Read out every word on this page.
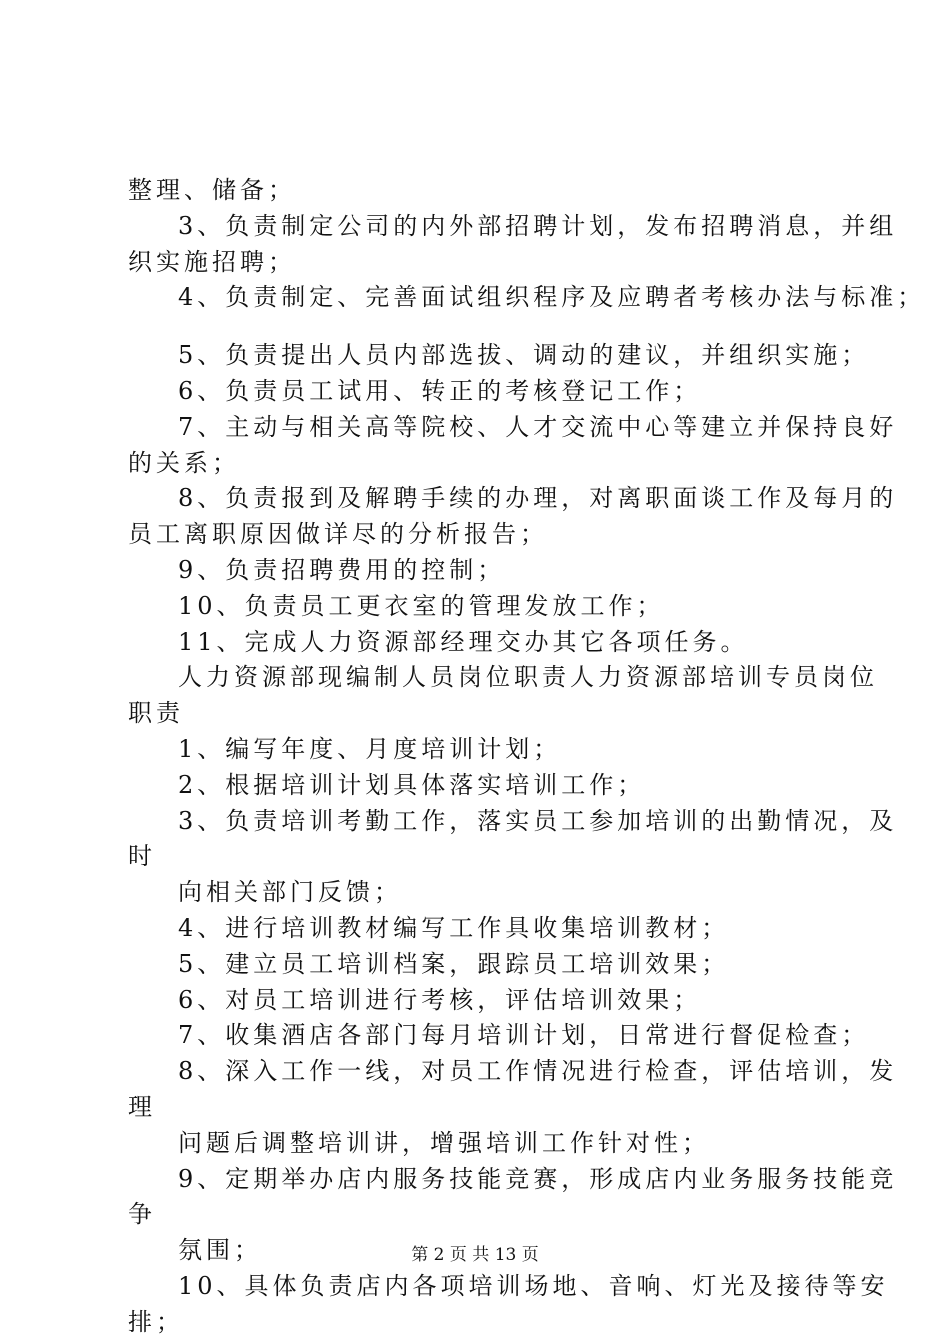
整理、储备；
3、负责制定公司的内外部招聘计划，发布招聘消息，并组
织实施招聘；
4、负责制定、完善面试组织程序及应聘者考核办法与标准；
5、负责提出人员内部选拔、调动的建议，并组织实施；
6、负责员工试用、转正的考核登记工作；
7、主动与相关高等院校、人才交流中心等建立并保持良好
的关系；
8、负责报到及解聘手续的办理，对离职面谈工作及每月的
员工离职原因做详尽的分析报告；
9、负责招聘费用的控制；
10、负责员工更衣室的管理发放工作；
11、完成人力资源部经理交办其它各项任务。
人力资源部现编制人员岗位职责人力资源部培训专员岗位
职责
1、编写年度、月度培训计划；
2、根据培训计划具体落实培训工作；
3、负责培训考勤工作，落实员工参加培训的出勤情况，及
时
向相关部门反馈；
4、进行培训教材编写工作具收集培训教材；
5、建立员工培训档案，跟踪员工培训效果；
6、对员工培训进行考核，评估培训效果；
7、收集酒店各部门每月培训计划，日常进行督促检查；
8、深入工作一线，对员工作情况进行检查，评估培训，发
理
问题后调整培训讲，增强培训工作针对性；
9、定期举办店内服务技能竞赛，形成店内业务服务技能竞
争
氛围；
10、具体负责店内各项培训场地、音响、灯光及接待等安
排；
第 2 页 共 13 页
